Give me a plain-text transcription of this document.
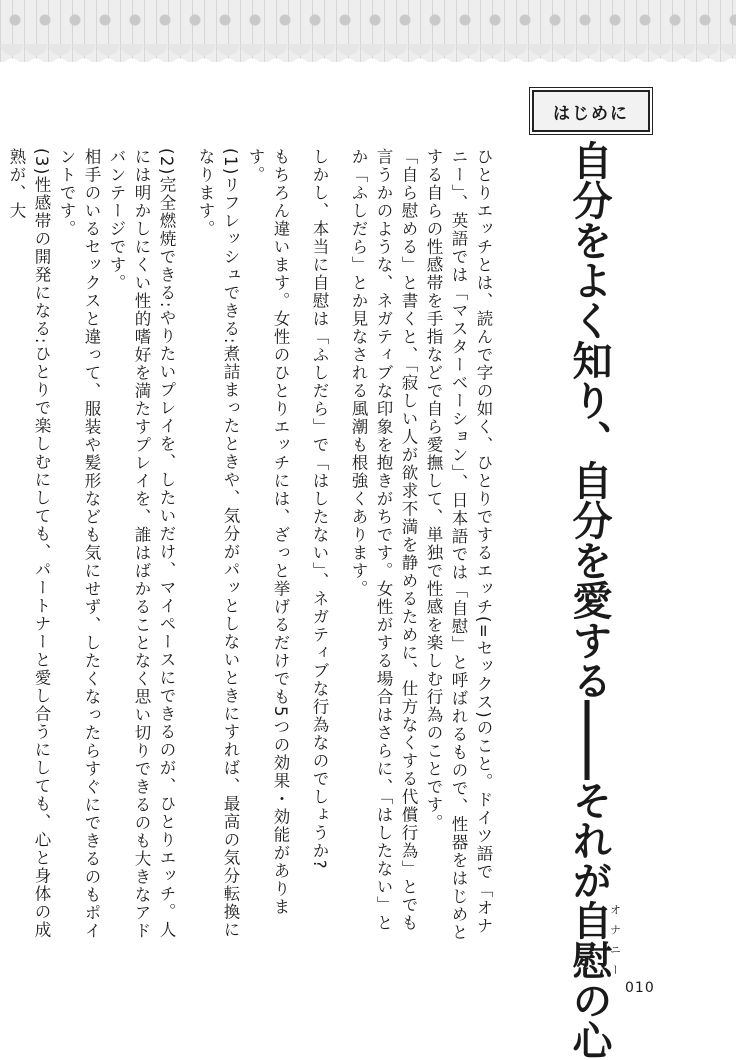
はじめに
自分をよく知り、自分を愛する――それが自慰オナニーの心

ひとりエッチとは、読んで字の如く、ひとりでするエッチ(=セックス)のこと。ドイツ語で「オナニー」、英語では「マスターベーション」、日本語では「自慰」と呼ばれるもので、性器をはじめとする自らの性感帯を手指などで自ら愛撫して、単独で性感を楽しむ行為のことです。

「自ら慰める」と書くと、「寂しい人が欲求不満を静めるために、仕方なくする代償行為」とでも言うかのような、ネガティブな印象を抱きがちです。女性がする場合はさらに、「はしたない」とか「ふしだら」とか見なされる風潮も根強くあります。

しかし、本当に自慰は「ふしだら」で「はしたない」、ネガティブな行為なのでしょうか?

もちろん違います。女性のひとりエッチには、ざっと挙げるだけでも5つの効果・効能があります。

(1)リフレッシュできる:煮詰まったときや、気分がパッとしないときにすれば、最高の気分転換になります。

(2)完全燃焼できる:やりたいプレイを、したいだけ、マイペースにできるのが、ひとりエッチ。人には明かしにくい性的嗜好を満たすプレイを、誰はばかることなく思い切りできるのも大きなアドバンテージです。

相手のいるセックスと違って、服装や髪形なども気にせず、したくなったらすぐにできるのもポイントです。

(3)性感帯の開発になる:ひとりで楽しむにしても、パートナーと愛し合うにしても、心と身体の成熟が、大

010
